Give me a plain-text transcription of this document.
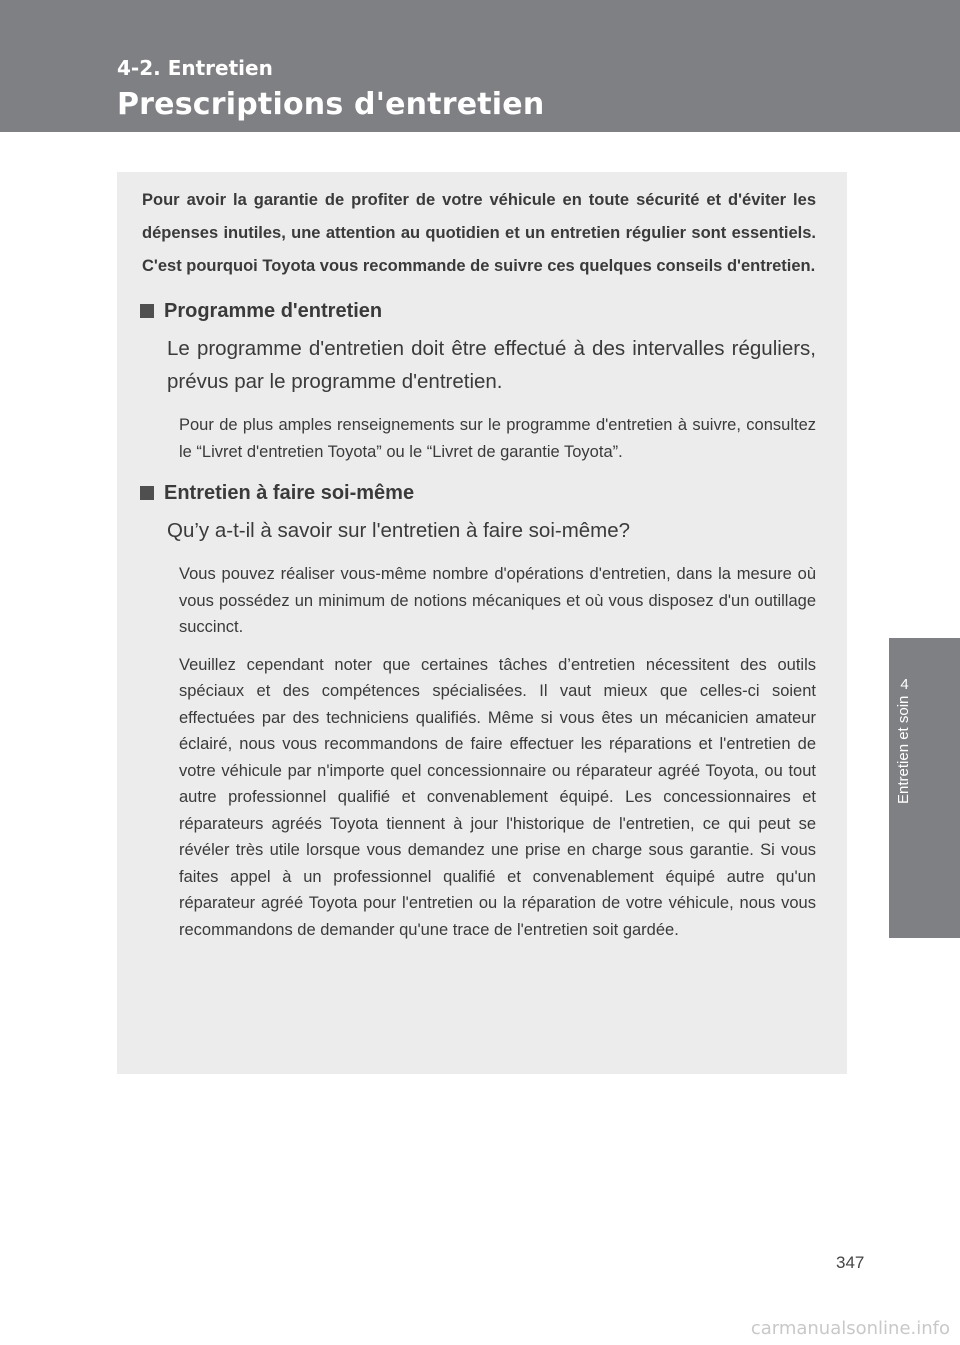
4-2. Entretien
Prescriptions d'entretien
4
Entretien et soin

Pour avoir la garantie de profiter de votre véhicule en toute sécurité et d'éviter les dépenses inutiles, une attention au quotidien et un entretien régulier sont essentiels. C'est pourquoi Toyota vous recommande de suivre ces quelques conseils d'entretien.

Programme d'entretien

Le programme d'entretien doit être effectué à des intervalles réguliers, prévus par le programme d'entretien.

Pour de plus amples renseignements sur le programme d'entretien à suivre, consultez le “Livret d'entretien Toyota” ou le “Livret de garantie Toyota”.

Entretien à faire soi-même

Qu’y a-t-il à savoir sur l'entretien à faire soi-même?

Vous pouvez réaliser vous-même nombre d'opérations d'entretien, dans la mesure où vous possédez un minimum de notions mécaniques et où vous disposez d'un outillage succinct.

Veuillez cependant noter que certaines tâches d’entretien nécessitent des outils spéciaux et des compétences spécialisées. Il vaut mieux que celles-ci soient effectuées par des techniciens qualifiés. Même si vous êtes un mécanicien amateur éclairé, nous vous recommandons de faire effectuer les réparations et l'entretien de votre véhicule par n'importe quel concessionnaire ou réparateur agréé Toyota, ou tout autre professionnel qualifié et convenablement équipé. Les concessionnaires et réparateurs agréés Toyota tiennent à jour l'historique de l'entretien, ce qui peut se révéler très utile lorsque vous demandez une prise en charge sous garantie. Si vous faites appel à un professionnel qualifié et convenablement équipé autre qu'un réparateur agréé Toyota pour l'entretien ou la réparation de votre véhicule, nous vous recommandons de demander qu'une trace de l'entretien soit gardée.

347
carmanualsonline.info
